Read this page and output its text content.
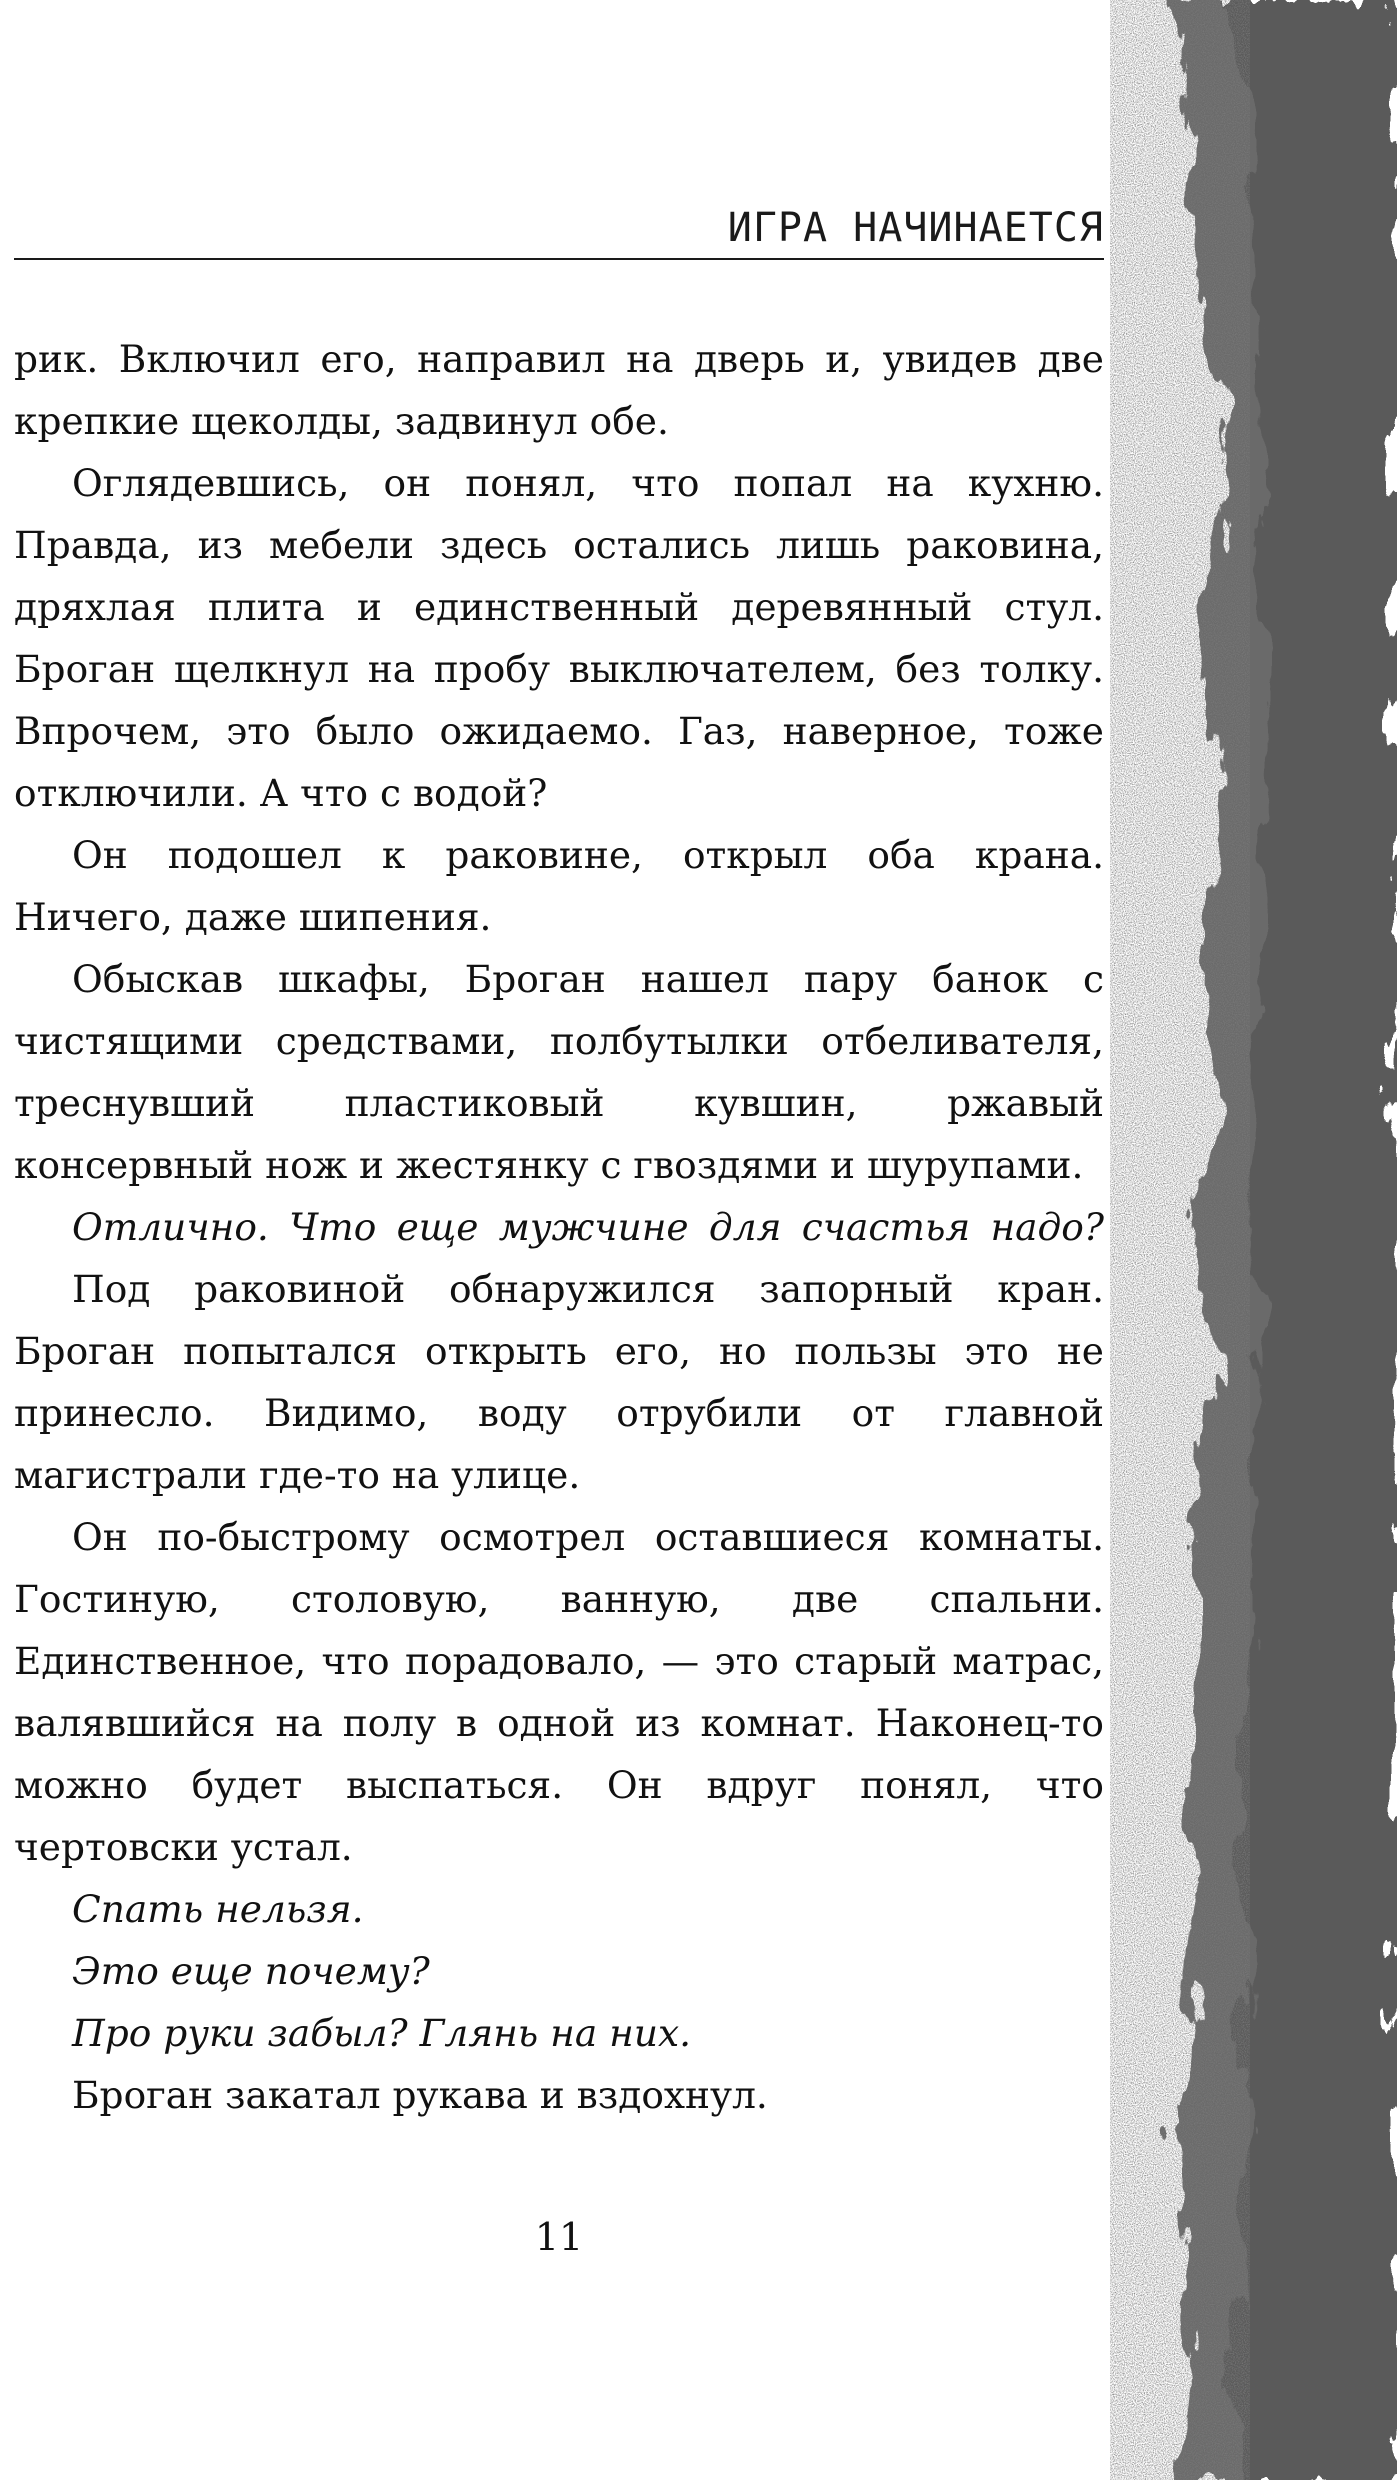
ИГРА НАЧИНАЕТСЯ

рик. Включил его, направил на дверь и, увидев две крепкие щеколды, задвинул обе.

Оглядевшись, он понял, что попал на кухню. Правда, из мебели здесь остались лишь раковина, дряхлая плита и единственный деревянный стул. Броган щелкнул на пробу выключателем, без толку. Впрочем, это было ожидаемо. Газ, наверное, тоже отключили. А что с водой?

Он подошел к раковине, открыл оба крана. Ничего, даже шипения.

Обыскав шкафы, Броган нашел пару банок с чистящими средствами, полбутылки отбеливателя, треснувший пластиковый кувшин, ржавый консервный нож и жестянку с гвоздями и шурупами.

Отлично. Что еще мужчине для счастья надо?

Под раковиной обнаружился запорный кран. Броган попытался открыть его, но пользы это не принесло. Видимо, воду отрубили от главной магистрали где-то на улице.

Он по-быстрому осмотрел оставшиеся комнаты. Гостиную, столовую, ванную, две спальни. Единственное, что порадовало, — это старый матрас, валявшийся на полу в одной из комнат. Наконец-то можно будет выспаться. Он вдруг понял, что чертовски устал.

Спать нельзя.

Это еще почему?

Про руки забыл? Глянь на них.

Броган закатал рукава и вздохнул.

11
